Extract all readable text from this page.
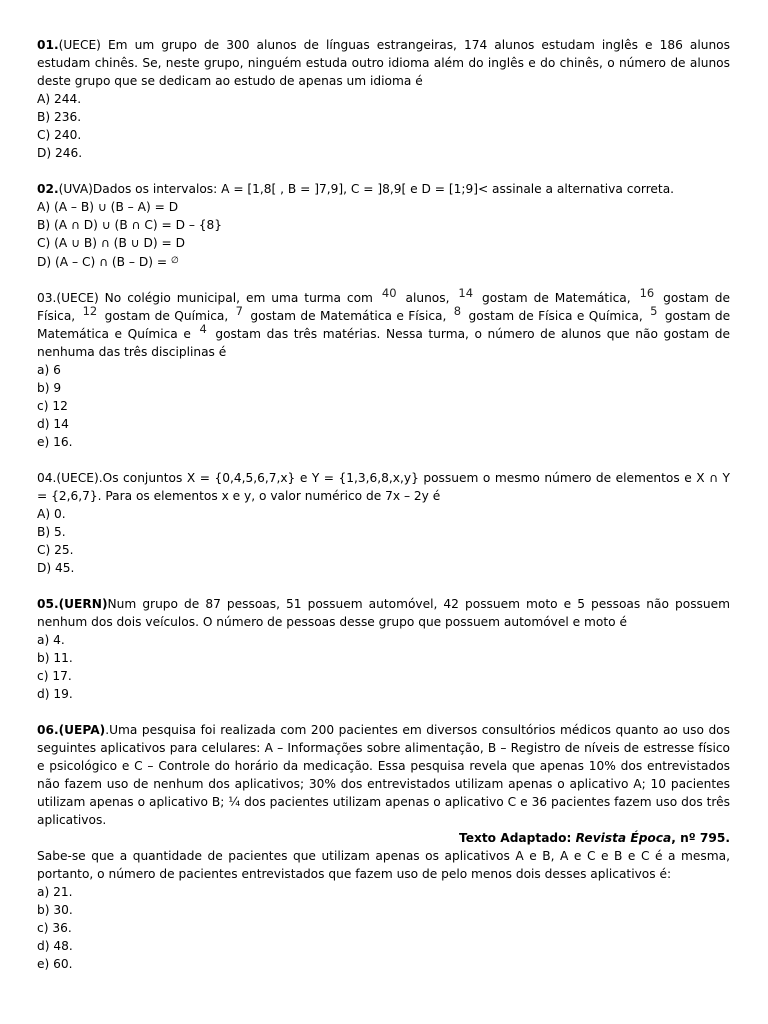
01.(UECE) Em um grupo de 300 alunos de línguas estrangeiras, 174 alunos estudam inglês e 186 alunos estudam chinês. Se, neste grupo, ninguém estuda outro idioma além do inglês e do chinês, o número de alunos deste grupo que se dedicam ao estudo de apenas um idioma é
A) 244.
B) 236.
C) 240.
D) 246.
02.(UVA)Dados os intervalos: A = [1,8[ , B = ]7,9], C = ]8,9[ e D = [1;9]< assinale a alternativa correta.
A) (A – B) ∪ (B – A) = D
B) (A ∩ D) ∪ (B ∩ C) = D – {8}
C) (A ∪ B) ∩ (B ∪ D) = D
D) (A – C) ∩ (B – D) = ∅
03.(UECE) No colégio municipal, em uma turma com 40 alunos, 14 gostam de Matemática, 16 gostam de Física, 12 gostam de Química, 7 gostam de Matemática e Física, 8 gostam de Física e Química, 5 gostam de Matemática e Química e 4 gostam das três matérias. Nessa turma, o número de alunos que não gostam de nenhuma das três disciplinas é
a) 6
b) 9
c) 12
d) 14
e) 16.
04.(UECE).Os conjuntos X = {0,4,5,6,7,x} e Y = {1,3,6,8,x,y} possuem o mesmo número de elementos e X ∩ Y = {2,6,7}. Para os elementos x e y, o valor numérico de 7x – 2y é
A) 0.
B) 5.
C) 25.
D) 45.
05.(UERN)Num grupo de 87 pessoas, 51 possuem automóvel, 42 possuem moto e 5 pessoas não possuem nenhum dos dois veículos. O número de pessoas desse grupo que possuem automóvel e moto é
a) 4.
b) 11.
c) 17.
d) 19.
06.(UEPA).Uma pesquisa foi realizada com 200 pacientes em diversos consultórios médicos quanto ao uso dos seguintes aplicativos para celulares: A – Informações sobre alimentação, B – Registro de níveis de estresse físico e psicológico e C – Controle do horário da medicação. Essa pesquisa revela que apenas 10% dos entrevistados não fazem uso de nenhum dos aplicativos; 30% dos entrevistados utilizam apenas o aplicativo A; 10 pacientes utilizam apenas o aplicativo B; ¼ dos pacientes utilizam apenas o aplicativo C e 36 pacientes fazem uso dos três aplicativos.
Texto Adaptado: Revista Época, nº 795.
Sabe-se que a quantidade de pacientes que utilizam apenas os aplicativos A e B, A e C e B e C é a mesma, portanto, o número de pacientes entrevistados que fazem uso de pelo menos dois desses aplicativos é:
a) 21.
b) 30.
c) 36.
d) 48.
e) 60.
